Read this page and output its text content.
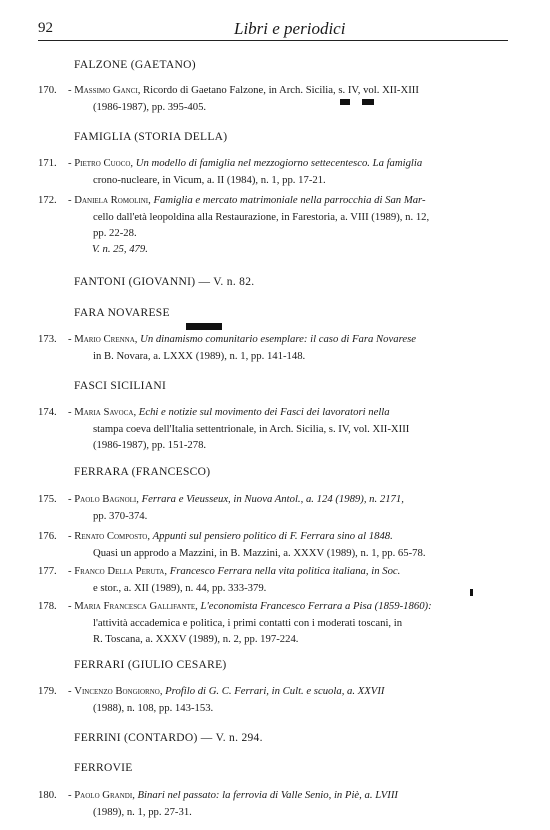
92	Libri e periodici
FALZONE (GAETANO)
170. - Massimo Ganci, Ricordo di Gaetano Falzone, in Arch. Sicilia, s. IV, vol. XII-XIII
(1986-1987), pp. 395-405.
FAMIGLIA (STORIA DELLA)
171. - Pietro Cuoco, Un modello di famiglia nel mezzogiorno settecentesco. La famiglia
crono-nucleare, in Vicum, a. II (1984), n. 1, pp. 17-21.
172. - Daniela Romolini, Famiglia e mercato matrimoniale nella parrocchia di San Mar-
cello dall'età leopoldina alla Restaurazione, in Farestoria, a. VIII (1989), n. 12,
pp. 22-28.
V. n. 25, 479.
FANTONI (GIOVANNI) — V. n. 82.
FARA NOVARESE
173. - Mario Crenna, Un dinamismo comunitario esemplare: il caso di Fara Novarese
in B. Novara, a. LXXX (1989), n. 1, pp. 141-148.
FASCI SICILIANI
174. - Maria Savoca, Echi e notizie sul movimento dei Fasci dei lavoratori nella
stampa coeva dell'Italia settentrionale, in Arch. Sicilia, s. IV, vol. XII-XIII
(1986-1987), pp. 151-278.
FERRARA (FRANCESCO)
175. - Paolo Bagnoli, Ferrara e Vieusseux, in Nuova Antol., a. 124 (1989), n. 2171,
pp. 370-374.
176. - Renato Composto, Appunti sul pensiero politico di F. Ferrara sino al 1848.
Quasi un approdo a Mazzini, in B. Mazzini, a. XXXV (1989), n. 1, pp. 65-78.
177. - Franco Della Peruta, Francesco Ferrara nella vita politica italiana, in Soc.
e stor., a. XII (1989), n. 44, pp. 333-379.
178. - Maria Francesca Gallifante, L'economista Francesco Ferrara a Pisa (1859-1860):
l'attività accademica e politica, i primi contatti con i moderati toscani, in
R. Toscana, a. XXXV (1989), n. 2, pp. 197-224.
FERRARI (GIULIO CESARE)
179. - Vincenzo Bongiorno, Profilo di G. C. Ferrari, in Cult. e scuola, a. XXVII
(1988), n. 108, pp. 143-153.
FERRINI (CONTARDO) — V. n. 294.
FERROVIE
180. - Paolo Grandi, Binari nel passato: la ferrovia di Valle Senio, in Piè, a. LVIII
(1989), n. 1, pp. 27-31.
